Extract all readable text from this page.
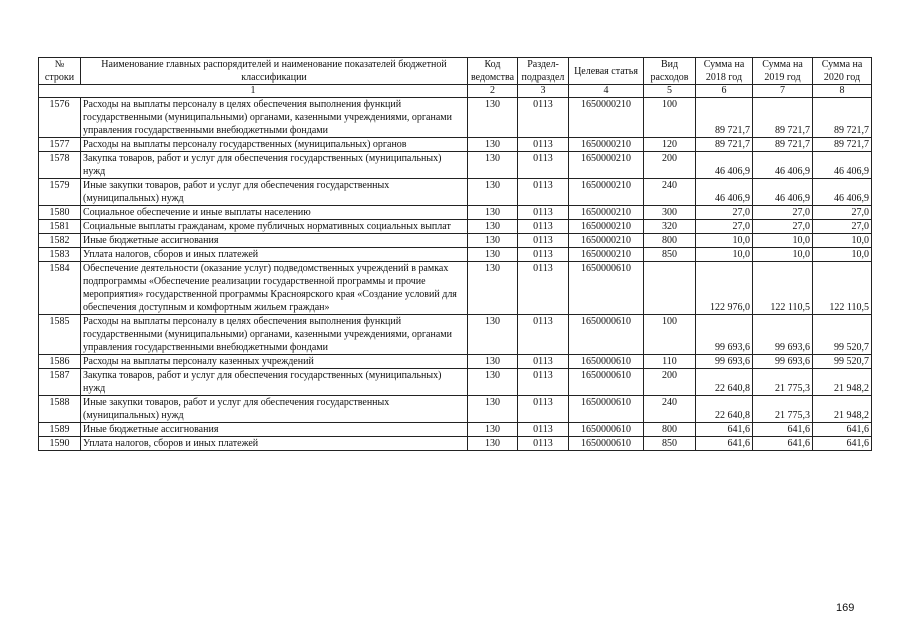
№ строки	Наименование главных распорядителей и наименование показателей бюджетной классификации	Код ведомства	Раздел-подраздел	Целевая статья	Вид расходов	Сумма на 2018 год	Сумма на 2019 год	Сумма на 2020 год
1		2	3	4	5	6	7	8
1576	Расходы на выплаты персоналу в целях обеспечения выполнения функций государственными (муниципальными) органами, казенными учреждениями, органами управления государственными внебюджетными фондами	130	0113	1650000210	100	89 721,7	89 721,7	89 721,7
1577	Расходы на выплаты персоналу государственных (муниципальных) органов	130	0113	1650000210	120	89 721,7	89 721,7	89 721,7
1578	Закупка товаров, работ и услуг для обеспечения государственных (муниципальных) нужд	130	0113	1650000210	200	46 406,9	46 406,9	46 406,9
1579	Иные закупки товаров, работ и услуг для обеспечения государственных (муниципальных) нужд	130	0113	1650000210	240	46 406,9	46 406,9	46 406,9
1580	Социальное обеспечение и иные выплаты населению	130	0113	1650000210	300	27,0	27,0	27,0
1581	Социальные выплаты гражданам, кроме публичных нормативных социальных выплат	130	0113	1650000210	320	27,0	27,0	27,0
1582	Иные бюджетные ассигнования	130	0113	1650000210	800	10,0	10,0	10,0
1583	Уплата налогов, сборов и иных платежей	130	0113	1650000210	850	10,0	10,0	10,0
1584	Обеспечение деятельности (оказание услуг) подведомственных учреждений в рамках подпрограммы «Обеспечение реализации государственной программы и прочие мероприятия» государственной программы Красноярского края «Создание условий для обеспечения доступным и комфортным жильем граждан»	130	0113	1650000610		122 976,0	122 110,5	122 110,5
1585	Расходы на выплаты персоналу в целях обеспечения выполнения функций государственными (муниципальными) органами, казенными учреждениями, органами управления государственными внебюджетными фондами	130	0113	1650000610	100	99 693,6	99 693,6	99 520,7
1586	Расходы на выплаты персоналу казенных учреждений	130	0113	1650000610	110	99 693,6	99 693,6	99 520,7
1587	Закупка товаров, работ и услуг для обеспечения государственных (муниципальных) нужд	130	0113	1650000610	200	22 640,8	21 775,3	21 948,2
1588	Иные закупки товаров, работ и услуг для обеспечения государственных (муниципальных) нужд	130	0113	1650000610	240	22 640,8	21 775,3	21 948,2
1589	Иные бюджетные ассигнования	130	0113	1650000610	800	641,6	641,6	641,6
1590	Уплата налогов, сборов и иных платежей	130	0113	1650000610	850	641,6	641,6	641,6
169
